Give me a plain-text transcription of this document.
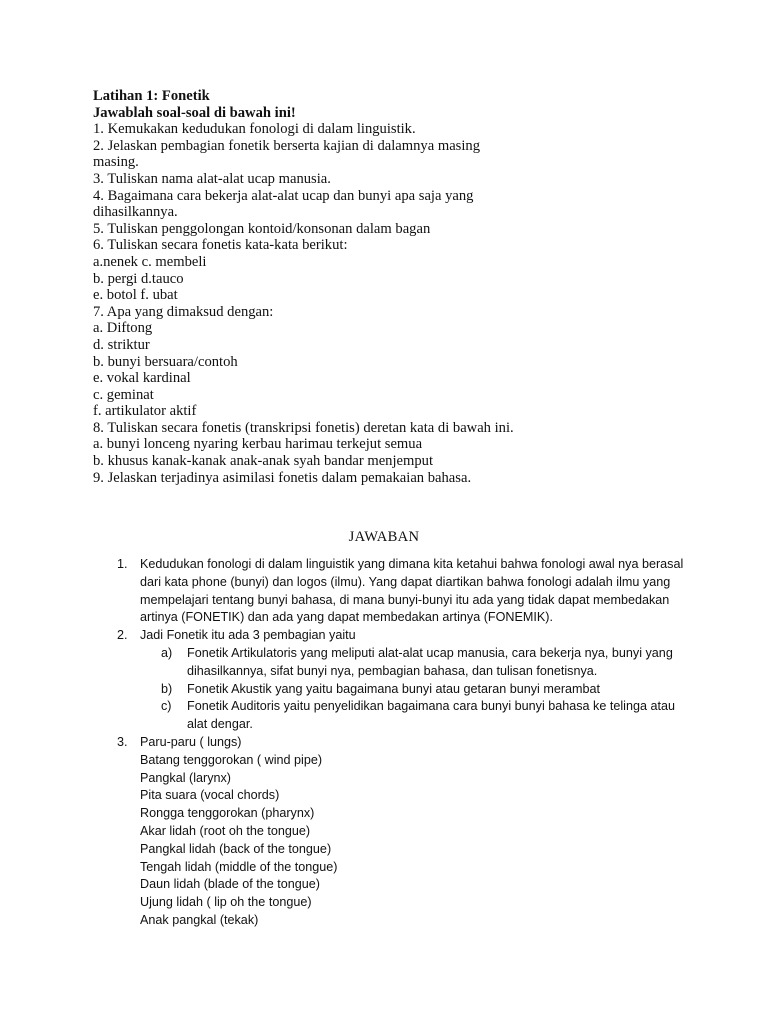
Latihan 1: Fonetik
Jawablah soal-soal di bawah ini!
1. Kemukakan kedudukan fonologi di dalam linguistik.
2. Jelaskan pembagian fonetik berserta kajian di dalamnya masing
masing.
3. Tuliskan nama alat-alat ucap manusia.
4. Bagaimana cara bekerja alat-alat ucap dan bunyi apa saja yang
dihasilkannya.
5. Tuliskan penggolongan kontoid/konsonan dalam bagan
6. Tuliskan secara fonetis kata-kata berikut:
a.nenek c. membeli
b. pergi d.tauco
e. botol f. ubat
7. Apa yang dimaksud dengan:
a. Diftong
d. striktur
b. bunyi bersuara/contoh
e. vokal kardinal
c. geminat
f. artikulator aktif
8. Tuliskan secara fonetis (transkripsi fonetis) deretan kata di bawah ini.
a. bunyi lonceng nyaring kerbau harimau terkejut semua
b. khusus kanak-kanak anak-anak syah bandar menjemput
9. Jelaskan terjadinya asimilasi fonetis dalam pemakaian bahasa.
JAWABAN
1. Kedudukan fonologi di dalam linguistik yang dimana kita ketahui bahwa fonologi awal nya berasal dari kata phone (bunyi) dan logos (ilmu). Yang dapat diartikan bahwa fonologi adalah ilmu yang mempelajari tentang bunyi bahasa, di mana bunyi-bunyi itu ada yang tidak dapat membedakan artinya (FONETIK) dan ada yang dapat membedakan artinya (FONEMIK).
2. Jadi Fonetik itu ada 3 pembagian yaitu
a) Fonetik Artikulatoris yang meliputi alat-alat ucap manusia, cara bekerja nya, bunyi yang dihasilkannya, sifat bunyi nya, pembagian bahasa, dan tulisan fonetisnya.
b) Fonetik Akustik yang yaitu bagaimana bunyi atau getaran bunyi merambat
c) Fonetik Auditoris yaitu penyelidikan bagaimana cara bunyi bunyi bahasa ke telinga atau alat dengar.
3. Paru-paru ( lungs)
Batang tenggorokan ( wind pipe)
Pangkal (larynx)
Pita suara (vocal chords)
Rongga tenggorokan (pharynx)
Akar lidah (root oh the tongue)
Pangkal lidah (back of the tongue)
Tengah lidah (middle of the tongue)
Daun lidah (blade of the tongue)
Ujung lidah ( lip oh the tongue)
Anak pangkal (tekak)
